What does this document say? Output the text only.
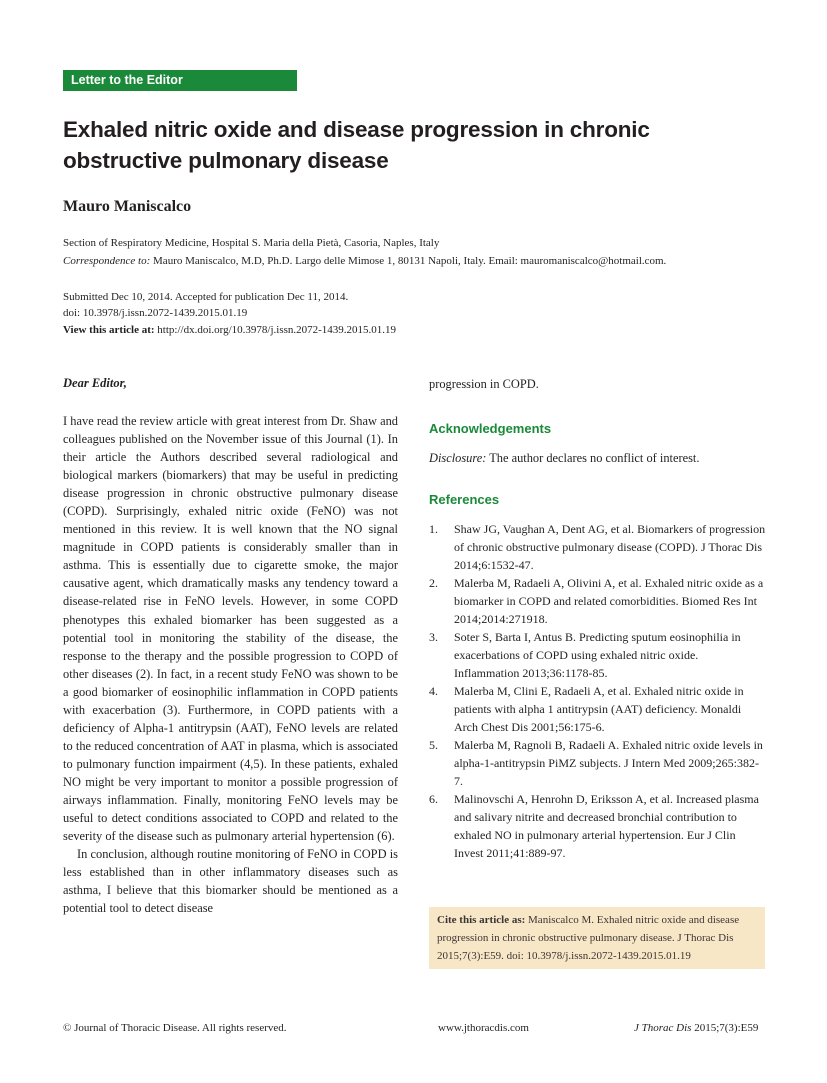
Letter to the Editor
Exhaled nitric oxide and disease progression in chronic obstructive pulmonary disease
Mauro Maniscalco
Section of Respiratory Medicine, Hospital S. Maria della Pietà, Casoria, Naples, Italy
Correspondence to: Mauro Maniscalco, M.D, Ph.D. Largo delle Mimose 1, 80131 Napoli, Italy. Email: mauromaniscalco@hotmail.com.
Submitted Dec 10, 2014. Accepted for publication Dec 11, 2014.
doi: 10.3978/j.issn.2072-1439.2015.01.19
View this article at: http://dx.doi.org/10.3978/j.issn.2072-1439.2015.01.19
Dear Editor,

I have read the review article with great interest from Dr. Shaw and colleagues published on the November issue of this Journal (1). In their article the Authors described several radiological and biological markers (biomarkers) that may be useful in predicting disease progression in chronic obstructive pulmonary disease (COPD). Surprisingly, exhaled nitric oxide (FeNO) was not mentioned in this review. It is well known that the NO signal magnitude in COPD patients is considerably smaller than in asthma. This is essentially due to cigarette smoke, the major causative agent, which dramatically masks any tendency toward a disease-related rise in FeNO levels. However, in some COPD phenotypes this exhaled biomarker has been suggested as a potential tool in monitoring the stability of the disease, the response to the therapy and the possible progression to COPD of other diseases (2). In fact, in a recent study FeNO was shown to be a good biomarker of eosinophilic inflammation in COPD patients with exacerbation (3). Furthermore, in COPD patients with a deficiency of Alpha-1 antitrypsin (AAT), FeNO levels are related to the reduced concentration of AAT in plasma, which is associated to pulmonary function impairment (4,5). In these patients, exhaled NO might be very important to monitor a possible progression of airways inflammation. Finally, monitoring FeNO levels may be useful to detect conditions associated to COPD and related to the severity of the disease such as pulmonary arterial hypertension (6).

In conclusion, although routine monitoring of FeNO in COPD is less established than in other inflammatory diseases such as asthma, I believe that this biomarker should be mentioned as a potential tool to detect disease

progression in COPD.
Acknowledgements
Disclosure: The author declares no conflict of interest.
References
1.	Shaw JG, Vaughan A, Dent AG, et al. Biomarkers of progression of chronic obstructive pulmonary disease (COPD). J Thorac Dis 2014;6:1532-47.
2.	Malerba M, Radaeli A, Olivini A, et al. Exhaled nitric oxide as a biomarker in COPD and related comorbidities. Biomed Res Int 2014;2014:271918.
3.	Soter S, Barta I, Antus B. Predicting sputum eosinophilia in exacerbations of COPD using exhaled nitric oxide. Inflammation 2013;36:1178-85.
4.	Malerba M, Clini E, Radaeli A, et al. Exhaled nitric oxide in patients with alpha 1 antitrypsin (AAT) deficiency. Monaldi Arch Chest Dis 2001;56:175-6.
5.	Malerba M, Ragnoli B, Radaeli A. Exhaled nitric oxide levels in alpha-1-antitrypsin PiMZ subjects. J Intern Med 2009;265:382-7.
6.	Malinovschi A, Henrohn D, Eriksson A, et al. Increased plasma and salivary nitrite and decreased bronchial contribution to exhaled NO in pulmonary arterial hypertension. Eur J Clin Invest 2011;41:889-97.
Cite this article as: Maniscalco M. Exhaled nitric oxide and disease progression in chronic obstructive pulmonary disease. J Thorac Dis 2015;7(3):E59. doi: 10.3978/j.issn.2072-1439.2015.01.19
© Journal of Thoracic Disease. All rights reserved.	www.jthoracdis.com	J Thorac Dis 2015;7(3):E59
